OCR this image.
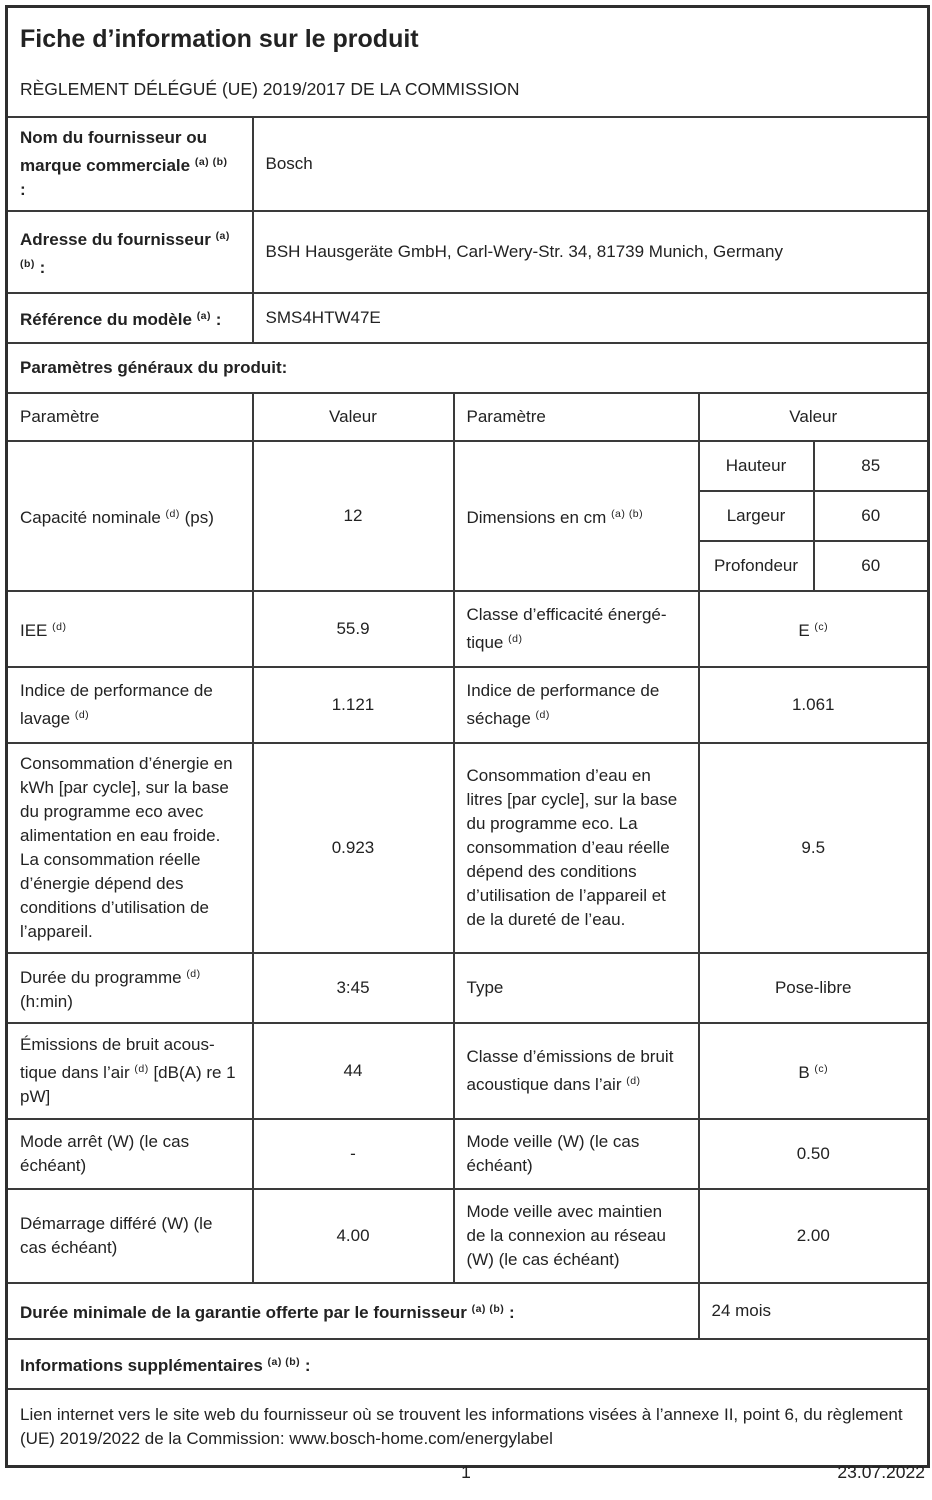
Fiche d’information sur le produit
RÈGLEMENT DÉLÉGUÉ (UE) 2019/2017 DE LA COMMISSION				

Nom du fournisseur ou marque commerciale $^{(a) (b)}$
:	Bosch			
Adresse du fournisseur $^{(a) (b)}$ :	BSH Hausgeräte GmbH, Carl-Wery-Str. 34, 81739 Munich, Germany			
Référence du modèle $^{(a)}$ :	SMS4HTW47E			
Paramètres généraux du produit:				
Paramètre	Valeur	Paramètre	Valeur	
Capacité nominale $^{(d)}$ (ps)	12	Dimensions en cm $^{(a) (b)}$	Hauteur	85
			Largeur	60
			Profondeur	60
IEE $^{(d)}$	55.9	Classe d’efficacité énergétique $^{(d)}$	E $^{(c)}$
Indice de performance de lavage $^{(d)}$	1.121	Indice de performance de séchage $^{(d)}$	1.061	
Consommation d’énergie en kWh [par cycle], sur la base du programme eco avec alimentation en eau froide. La consommation réelle d’énergie dépend des conditions d’utilisation de l’appareil.	0.923	Consommation d’eau en litres [par cycle], sur la base du programme eco. La consommation d’eau réelle dépend des conditions d’utilisation de l’appareil et de la dureté de l’eau.	9.5	
Durée du programme $^{(d)}$ (h:min)	3:45	Type	Pose-libre	
Émissions de bruit acoustique dans l’air $^{(d)}$ [dB(A) re 1 pW]	44	Classe d’émissions de bruit acoustique dans l’air $^{(d)}$	B $^{(c)}$
Mode arrêt (W) (le cas échéant)	-	Mode veille (W) (le cas échéant)	0.50	
Démarrage différé (W) (le cas échéant)	4.00	Mode veille avec maintien de la connexion au réseau (W) (le cas échéant)	2.00	
Durée minimale de la garantie offerte par le fournisseur $^{(a) (b)}$ :			24 mois	
Informations supplémentaires $^{(a) (b)}$ :				
Lien internet vers le site web du fournisseur où se trouvent les informations visées à l’annexe II, point 6, du règlement (UE) 2019/2022 de la Commission: www.bosch-home.com/energylabel				
1	23.07.2022
